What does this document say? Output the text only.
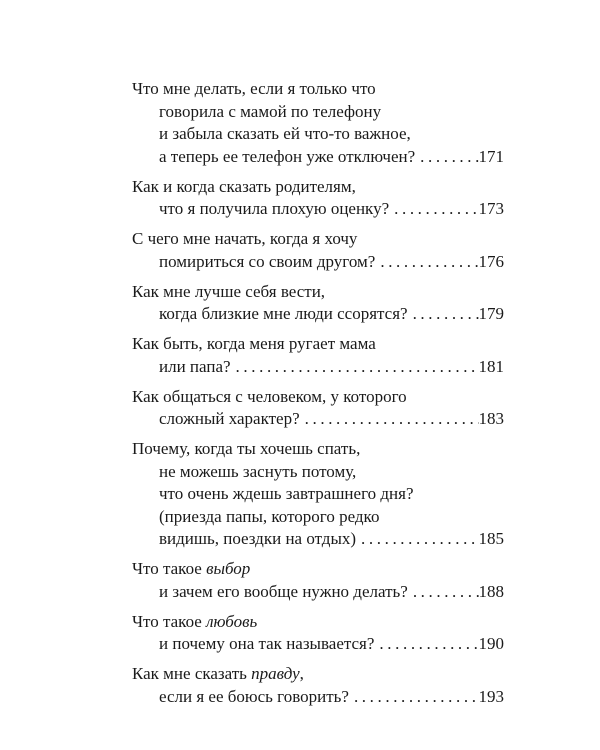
Что мне делать, если я только что
говорила с мамой по телефону
и забыла сказать ей что-то важное,
а теперь ее телефон уже отключен? .....	171
Как и когда сказать родителям,
что я получила плохую оценку? .....	173
С чего мне начать, когда я хочу
помириться со своим другом? .....	176
Как мне лучше себя вести,
когда близкие мне люди ссорятся? .....	179
Как быть, когда меня ругает мама
или папа? .....	181
Как общаться с человеком, у которого
сложный характер? .....	183
Почему, когда ты хочешь спать,
не можешь заснуть потому,
что очень ждешь завтрашнего дня?
(приезда папы, которого редко
видишь, поездки на отдых) .....	185
Что такое выбор
и зачем его вообще нужно делать? .....	188
Что такое любовь
и почему она так называется? .....	190
Как мне сказать правду,
если я ее боюсь говорить? .....	193
